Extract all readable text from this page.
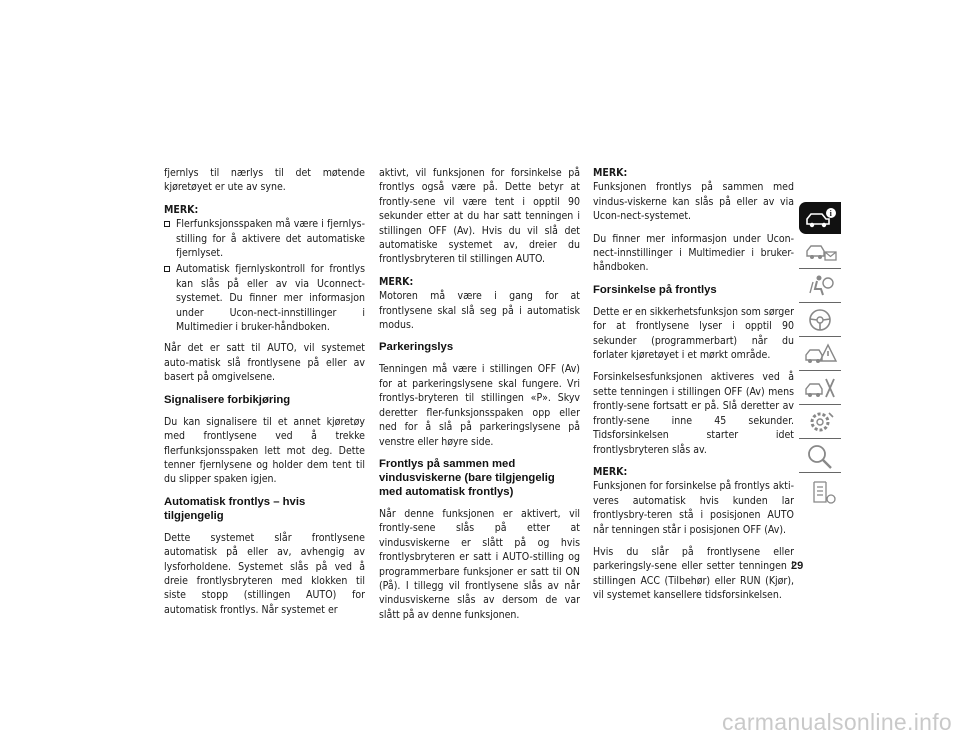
fjernlys til nærlys til det møtende kjøretøyet er ute av syne.

MERK:
Flerfunksjonsspaken må være i fjernlys-stilling for å aktivere det automatiske fjernlyset.
Automatisk fjernlyskontroll for frontlys kan slås på eller av via Uconnect-systemet. Du finner mer informasjon under Ucon-nect-innstillinger i Multimedier i bruker-håndboken.

Når det er satt til AUTO, vil systemet auto-matisk slå frontlysene på eller av basert på omgivelsene.

Signalisere forbikjøring

Du kan signalisere til et annet kjøretøy med frontlysene ved å trekke flerfunksjonsspaken lett mot deg. Dette tenner fjernlysene og holder dem tent til du slipper spaken igjen.

Automatisk frontlys – hvis tilgjengelig

Dette systemet slår frontlysene automatisk på eller av, avhengig av lysforholdene. Systemet slås på ved å dreie frontlysbryteren med klokken til siste stopp (stillingen AUTO) for automatisk frontlys. Når systemet er

aktivt, vil funksjonen for forsinkelse på frontlys også være på. Dette betyr at frontly-sene vil være tent i opptil 90 sekunder etter at du har satt tenningen i stillingen OFF (Av). Hvis du vil slå det automatiske systemet av, dreier du frontlysbryteren til stillingen AUTO.

MERK:

Motoren må være i gang for at frontlysene skal slå seg på i automatisk modus.

Parkeringslys

Tenningen må være i stillingen OFF (Av) for at parkeringslysene skal fungere. Vri frontlys-bryteren til stillingen «P». Skyv deretter fler-funksjonsspaken opp eller ned for å slå på parkeringslysene på venstre eller høyre side.

Frontlys på sammen med vindusviskerne (bare tilgjengelig med automatisk frontlys)

Når denne funksjonen er aktivert, vil frontly-sene slås på etter at vindusviskerne er slått på og hvis frontlysbryteren er satt i AUTO-stilling og programmerbare funksjoner er satt til ON (På). I tillegg vil frontlysene slås av når vindusviskerne slås av dersom de var slått på av denne funksjonen.

MERK:

Funksjonen frontlys på sammen med vindus-viskerne kan slås på eller av via Ucon-nect-systemet.

Du finner mer informasjon under Ucon-nect-innstillinger i Multimedier i bruker-håndboken.

Forsinkelse på frontlys

Dette er en sikkerhetsfunksjon som sørger for at frontlysene lyser i opptil 90 sekunder (programmerbart) når du forlater kjøretøyet i et mørkt område.

Forsinkelsesfunksjonen aktiveres ved å sette tenningen i stillingen OFF (Av) mens frontly-sene fortsatt er på. Slå deretter av frontly-sene inne 45 sekunder. Tidsforsinkelsen starter idet frontlysbryteren slås av.

MERK:

Funksjonen for forsinkelse på frontlys akti-veres automatisk hvis kunden lar frontlysbry-teren stå i posisjonen AUTO når tenningen står i posisjonen OFF (Av).

Hvis du slår på frontlysene eller parkeringsly-sene eller setter tenningen i stillingen ACC (Tilbehør) eller RUN (Kjør), vil systemet kansellere tidsforsinkelsen.

29
i
carmanualsonline.info
